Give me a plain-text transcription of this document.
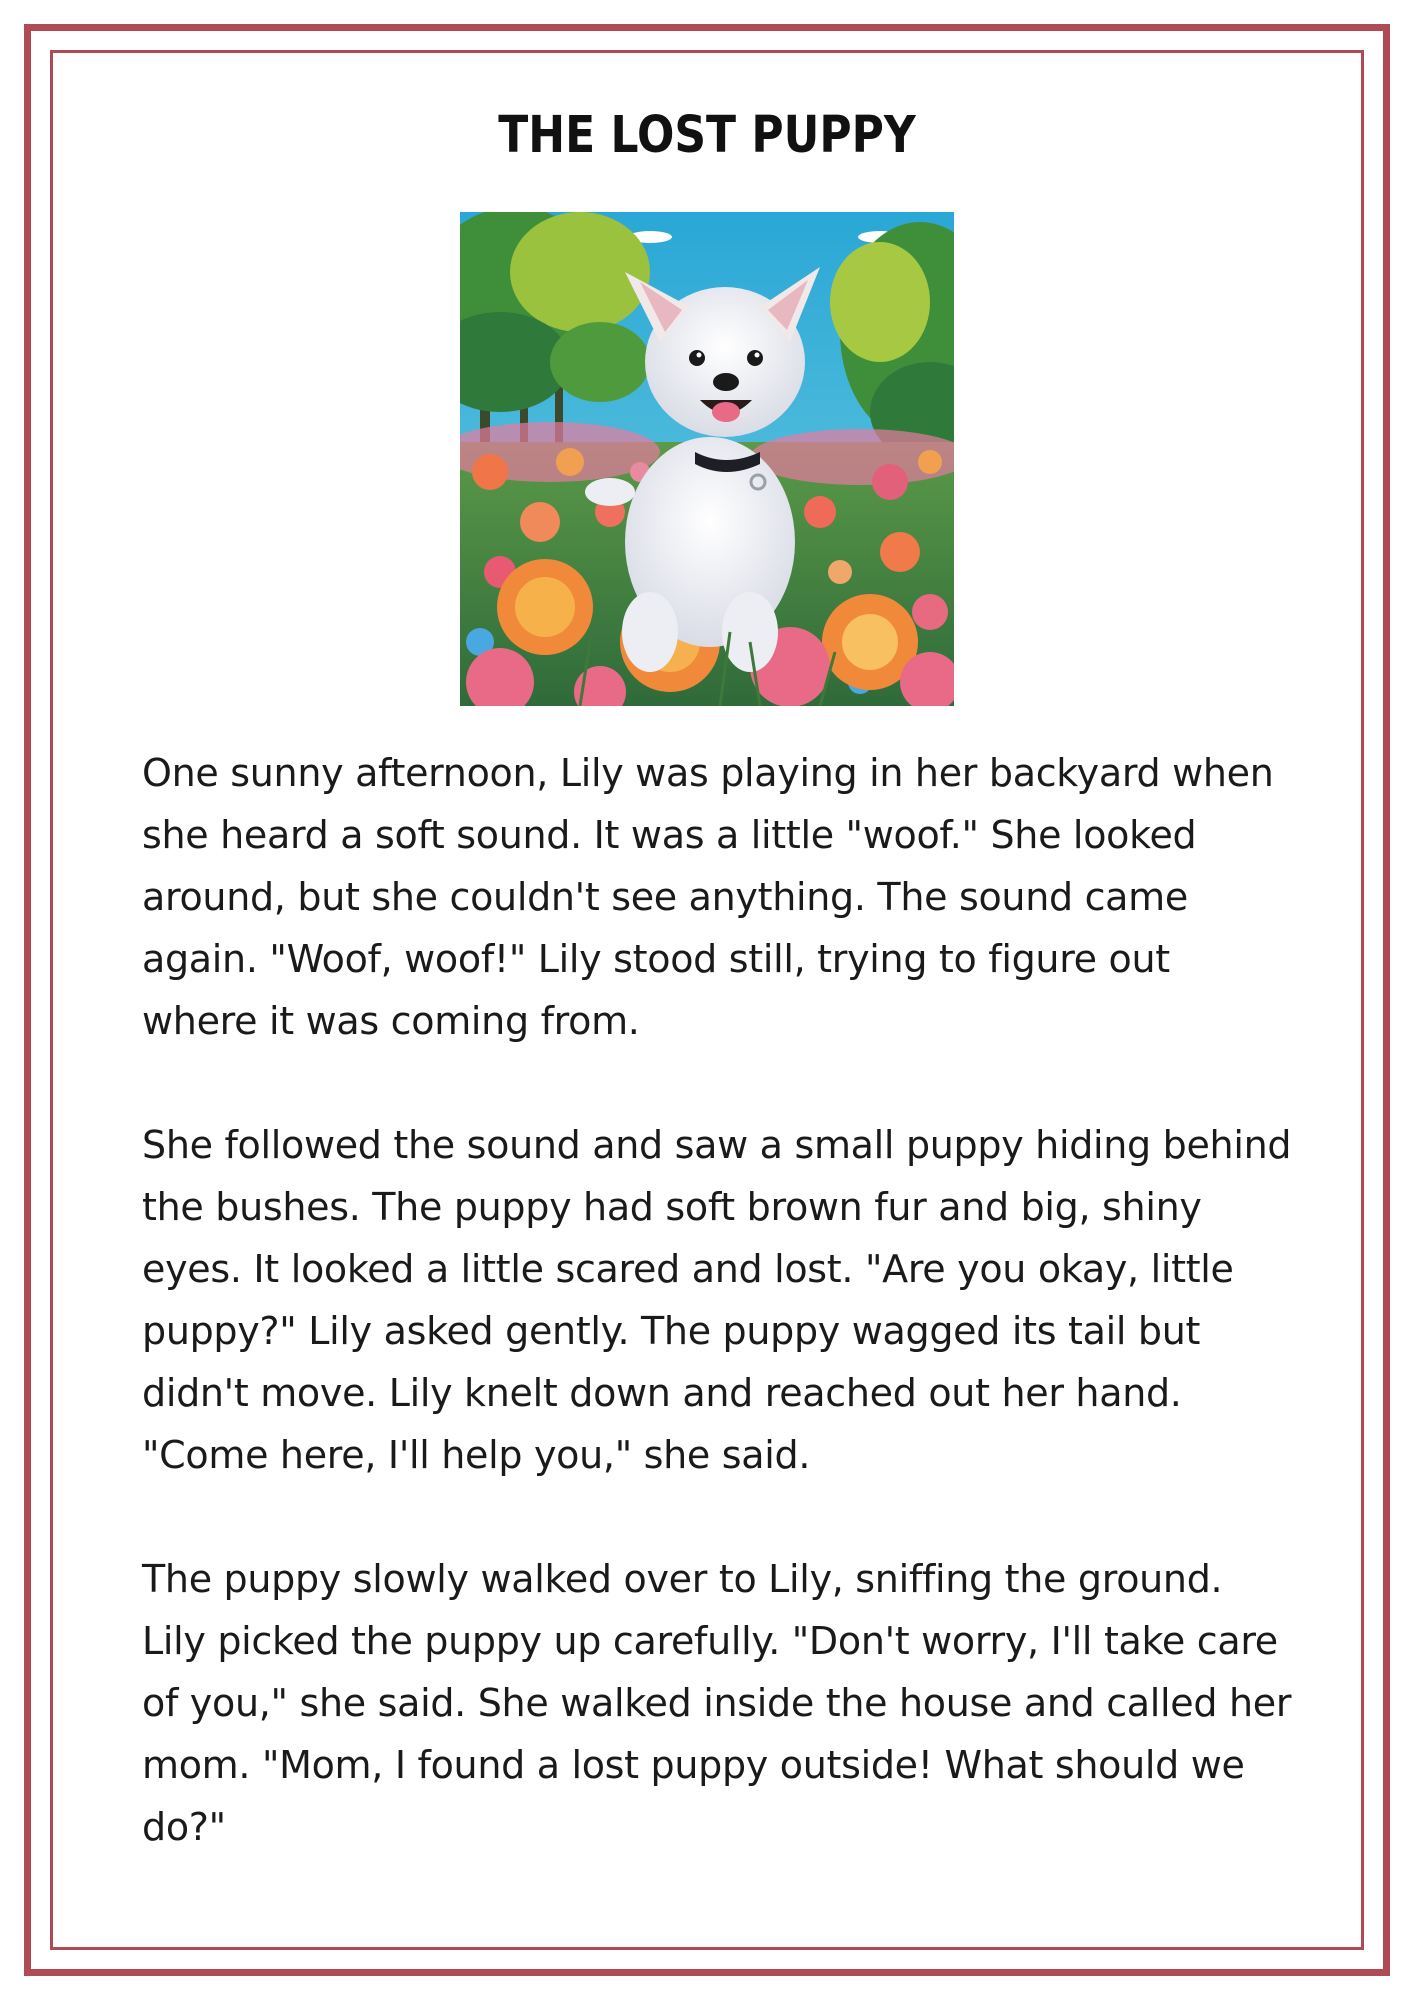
THE LOST PUPPY

One sunny afternoon, Lily was playing in her backyard when she heard a soft sound. It was a little "woof." She looked around, but she couldn't see anything. The sound came again. "Woof, woof!" Lily stood still, trying to figure out where it was coming from.

She followed the sound and saw a small puppy hiding behind the bushes. The puppy had soft brown fur and big, shiny eyes. It looked a little scared and lost. "Are you okay, little puppy?" Lily asked gently. The puppy wagged its tail but didn't move. Lily knelt down and reached out her hand. "Come here, I'll help you," she said.

The puppy slowly walked over to Lily, sniffing the ground. Lily picked the puppy up carefully. "Don't worry, I'll take care of you," she said. She walked inside the house and called her mom. "Mom, I found a lost puppy outside! What should we do?"
